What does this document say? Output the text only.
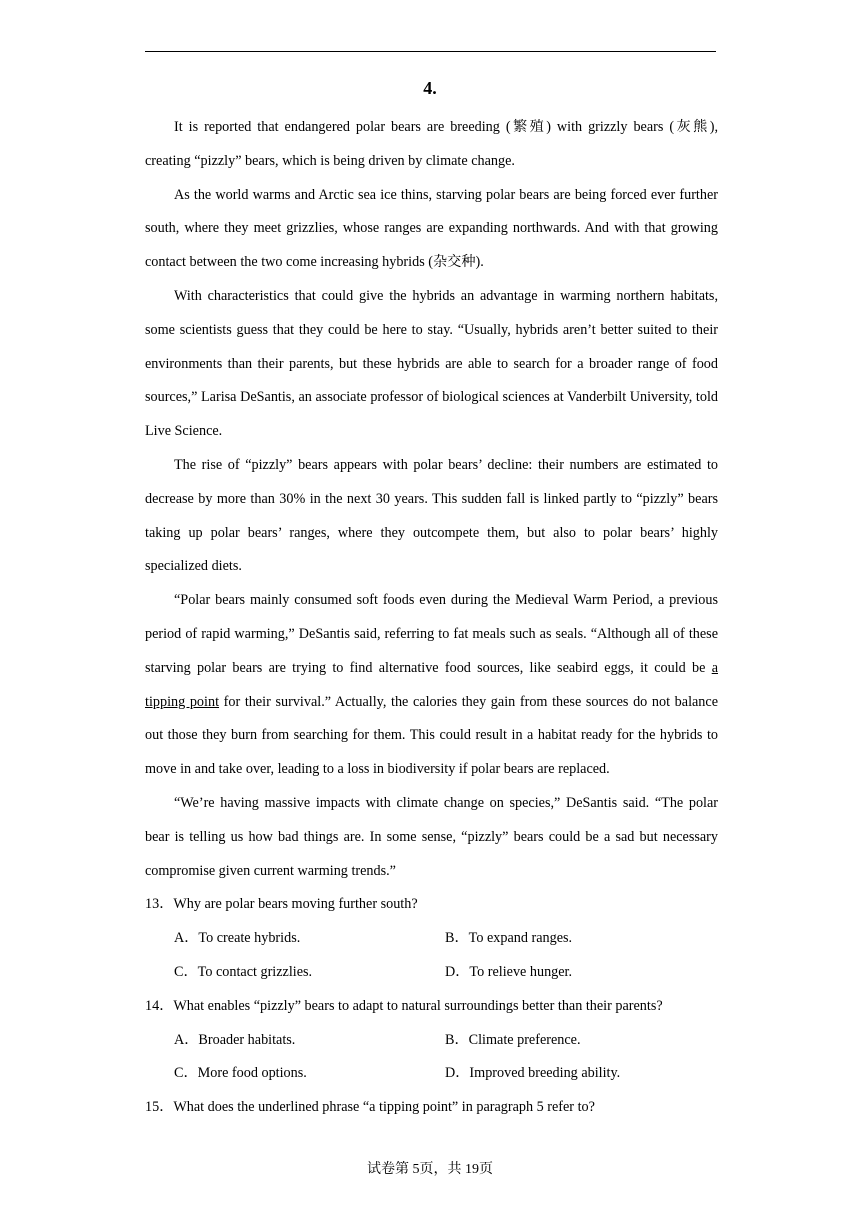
4.

It is reported that endangered polar bears are breeding (繁殖) with grizzly bears (灰熊), creating “pizzly” bears, which is being driven by climate change.

As the world warms and Arctic sea ice thins, starving polar bears are being forced ever further south, where they meet grizzlies, whose ranges are expanding northwards. And with that growing contact between the two come increasing hybrids (杂交种).

With characteristics that could give the hybrids an advantage in warming northern habitats, some scientists guess that they could be here to stay. “Usually, hybrids aren’t better suited to their environments than their parents, but these hybrids are able to search for a broader range of food sources,” Larisa DeSantis, an associate professor of biological sciences at Vanderbilt University, told Live Science.

The rise of “pizzly” bears appears with polar bears’ decline: their numbers are estimated to decrease by more than 30% in the next 30 years. This sudden fall is linked partly to “pizzly” bears taking up polar bears’ ranges, where they outcompete them, but also to polar bears’ highly specialized diets.

“Polar bears mainly consumed soft foods even during the Medieval Warm Period, a previous period of rapid warming,” DeSantis said, referring to fat meals such as seals. “Although all of these starving polar bears are trying to find alternative food sources, like seabird eggs, it could be a tipping point for their survival.” Actually, the calories they gain from these sources do not balance out those they burn from searching for them. This could result in a habitat ready for the hybrids to move in and take over, leading to a loss in biodiversity if polar bears are replaced.

“We’re having massive impacts with climate change on species,” DeSantis said. “The polar bear is telling us how bad things are. In some sense, “pizzly” bears could be a sad but necessary compromise given current warming trends.”

13．Why are polar bears moving further south?

A．To create hybrids.	B．To expand ranges.
C．To contact grizzlies.	D．To relieve hunger.

14．What enables “pizzly” bears to adapt to natural surroundings better than their parents?

A．Broader habitats.	B．Climate preference.
C．More food options.	D．Improved breeding ability.

15．What does the underlined phrase “a tipping point” in paragraph 5 refer to?

试卷第 5页，共 19页
